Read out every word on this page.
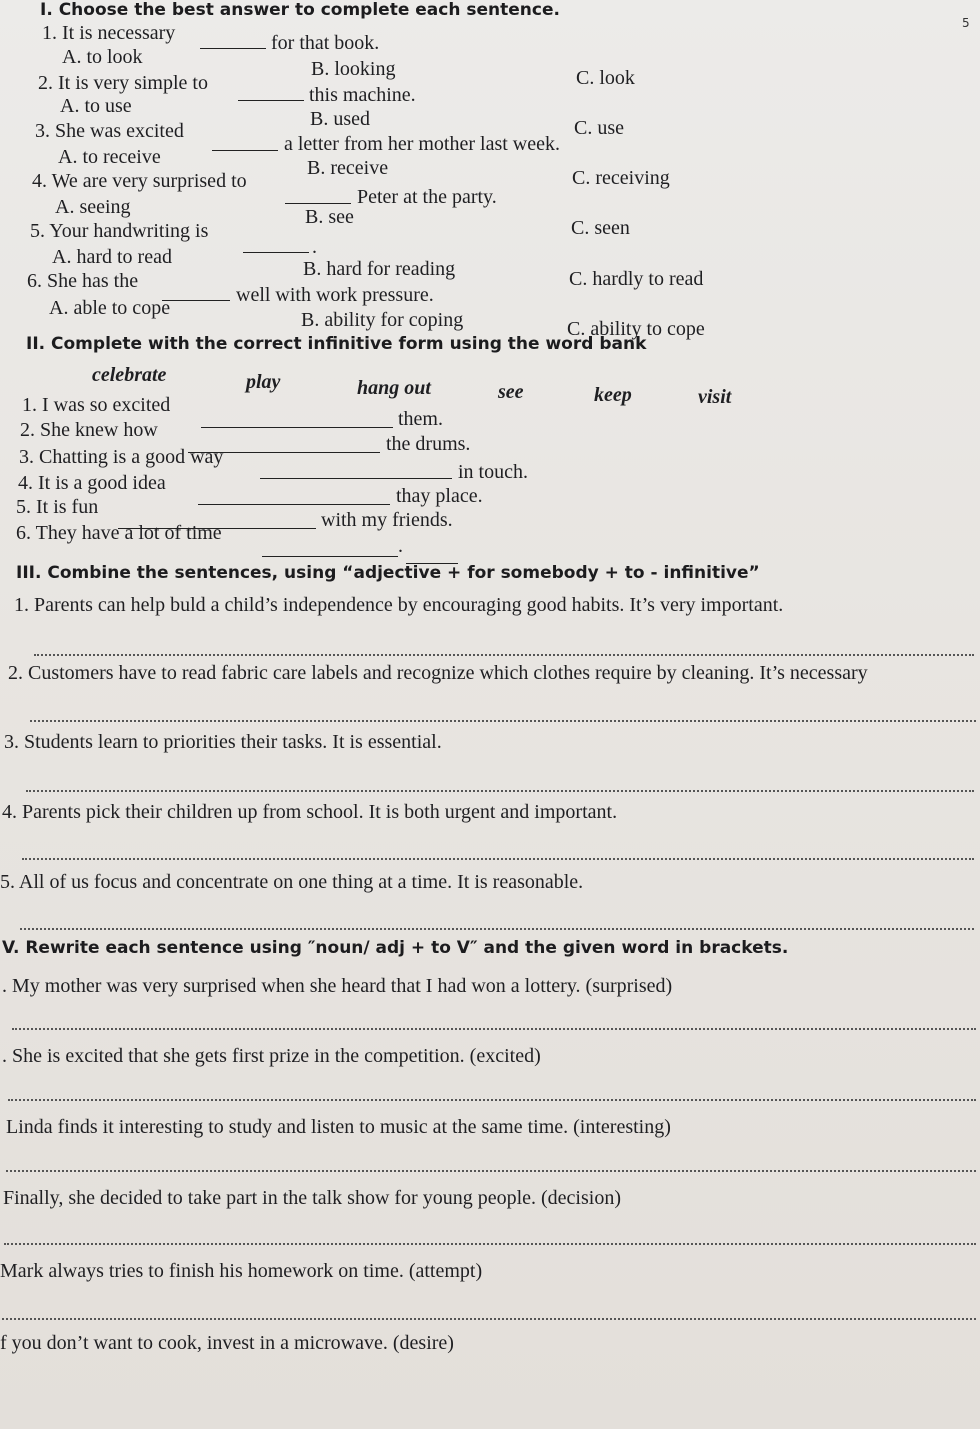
5
I. Choose the best answer to complete each sentence.
1. It is necessary	for that book.
A. to look
B. looking	C. look
2. It is very simple to
this machine.
A. to use
B. used	C. use
3. She was excited
a letter from her mother last week.
A. to receive	B. receive	C. receiving
4. We are very surprised to
Peter at the party.
A. seeing	B. see	C. seen
5. Your handwriting is
.
A. hard to read
B. hard for reading	C. hardly to read
6. She has the
well with work pressure.
A. able to cope
B. ability for coping	C. ability to cope
II. Complete with the correct infinitive form using the word bank
celebrate	play	hang out	see	keep	visit
1. I was so excited
them.
2. She knew how
the drums.
3. Chatting is a good way
in touch.
4. It is a good idea
thay place.
5. It is fun
with my friends.
6. They have a lot of time
.
III. Combine the sentences, using “adjective + for somebody + to - infinitive”
1. Parents can help buld a child’s independence by encouraging good habits. It’s very important.
2. Customers have to read fabric care labels and recognize which clothes require by cleaning. It’s necessary
3. Students learn to priorities their tasks. It is essential.
4. Parents pick their children up from school. It is both urgent and important.
5. All of us focus and concentrate on one thing at a time. It is reasonable.
V. Rewrite each sentence using ″noun/ adj + to V″ and the given word in brackets.
. My mother was very surprised when she heard that I had won a lottery. (surprised)
. She is excited that she gets first prize in the competition. (excited)
Linda finds it interesting to study and listen to music at the same time. (interesting)
Finally, she decided to take part in the talk show for young people. (decision)
Mark always tries to finish his homework on time. (attempt)
f you don’t want to cook, invest in a microwave. (desire)
